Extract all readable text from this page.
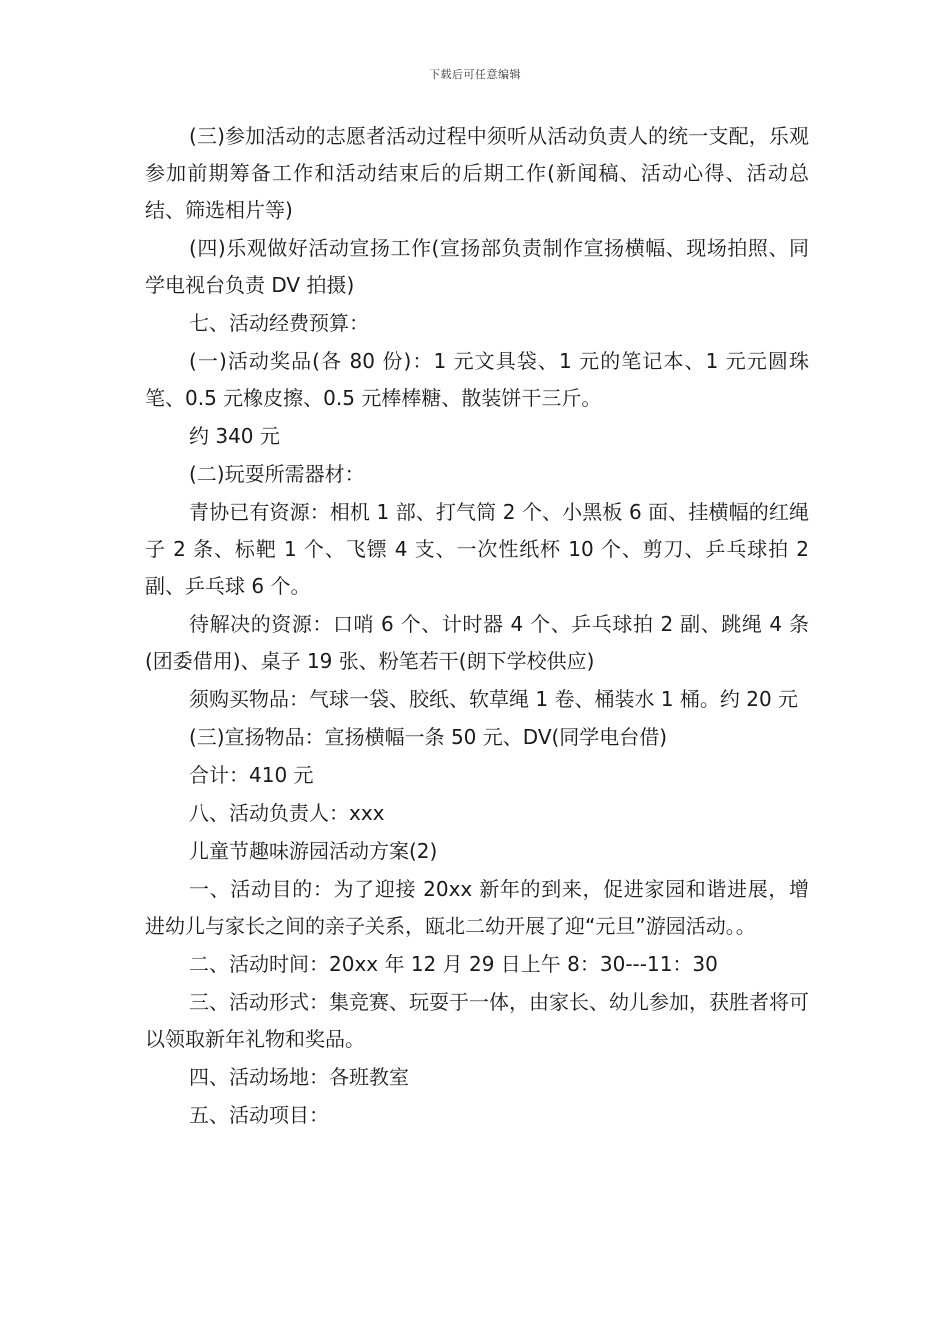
下载后可任意编辑

(三)参加活动的志愿者活动过程中须听从活动负责人的统一支配，乐观参加前期筹备工作和活动结束后的后期工作(新闻稿、活动心得、活动总结、筛选相片等)

(四)乐观做好活动宣扬工作(宣扬部负责制作宣扬横幅、现场拍照、同学电视台负责 DV 拍摄)

七、活动经费预算：

(一)活动奖品(各 80 份)：1 元文具袋、1 元的笔记本、1 元元圆珠笔、0.5 元橡皮擦、0.5 元棒棒糖、散装饼干三斤。

约 340 元

(二)玩耍所需器材：

青协已有资源：相机 1 部、打气筒 2 个、小黑板 6 面、挂横幅的红绳子 2 条、标靶 1 个、飞镖 4 支、一次性纸杯 10 个、剪刀、乒乓球拍 2 副、乒乓球 6 个。

待解决的资源：口哨 6 个、计时器 4 个、乒乓球拍 2 副、跳绳 4 条(团委借用)、桌子 19 张、粉笔若干(朗下学校供应)

须购买物品：气球一袋、胶纸、软草绳 1 卷、桶装水 1 桶。约 20 元

(三)宣扬物品：宣扬横幅一条 50 元、DV(同学电台借)

合计：410 元

八、活动负责人：xxx

儿童节趣味游园活动方案(2)

一、活动目的：为了迎接 20xx 新年的到来，促进家园和谐进展，增进幼儿与家长之间的亲子关系，瓯北二幼开展了迎“元旦”游园活动。。

二、活动时间：20xx 年 12 月 29 日上午 8：30---11：30

三、活动形式：集竞赛、玩耍于一体，由家长、幼儿参加，获胜者将可以领取新年礼物和奖品。

四、活动场地：各班教室

五、活动项目：
